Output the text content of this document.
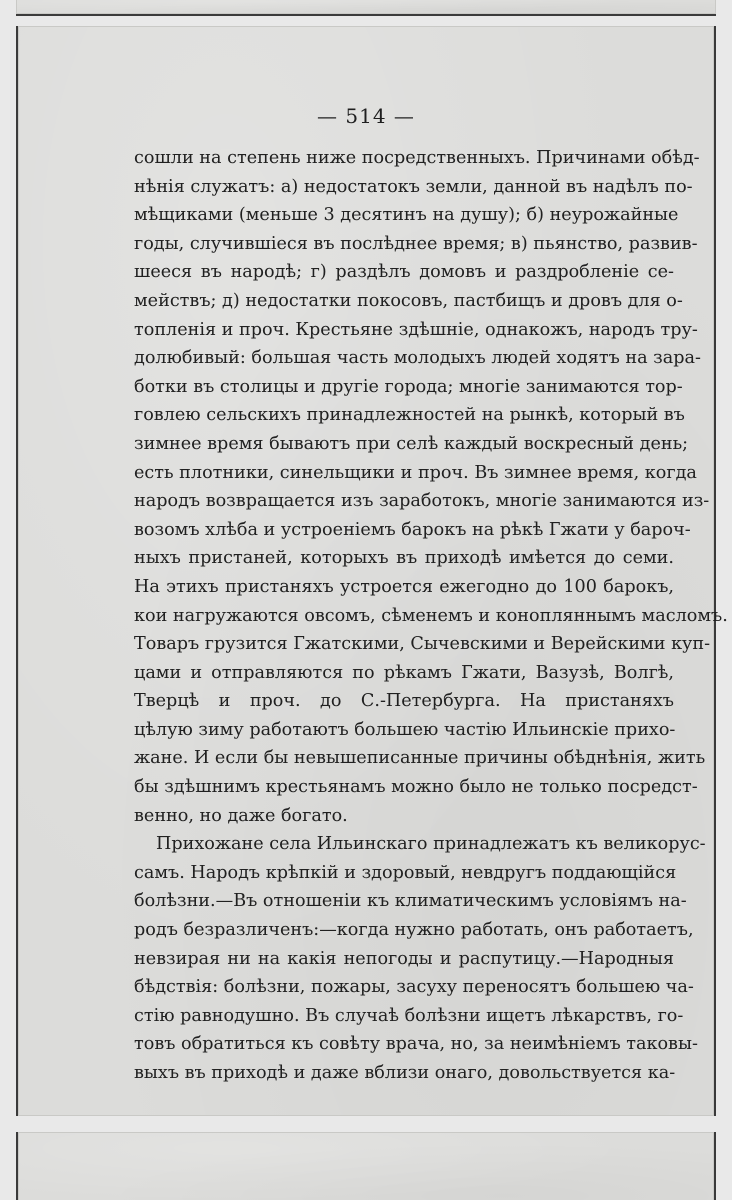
— 514 —
сошли на степень ниже посредственныхъ. Причинами обѣд-
нѣнія служатъ: а) недостатокъ земли, данной въ надѣлъ по-
мѣщиками (меньше 3 десятинъ на душу); б) неурожайные
годы, случившіеся въ послѣднее время; в) пьянство, развив-
шееся въ народѣ; г) раздѣлъ домовъ и раздробленіе се-
мействъ; д) недостатки покосовъ, пастбищъ и дровъ для о-
топленія и проч. Крестьяне здѣшніе, однакожъ, народъ тру-
долюбивый: большая часть молодыхъ людей ходятъ на зара-
ботки въ столицы и другіе города; многіе занимаются тор-
говлею сельскихъ принадлежностей на рынкѣ, который въ
зимнее время бываютъ при селѣ каждый воскресный день;
есть плотники, синельщики и проч. Въ зимнее время, когда
народъ возвращается изъ заработокъ, многіе занимаются из-
возомъ хлѣба и устроеніемъ барокъ на рѣкѣ Гжати у бароч-
ныхъ пристаней, которыхъ въ приходѣ имѣется до семи.
На этихъ пристаняхъ устроется ежегодно до 100 барокъ,
кои нагружаются овсомъ, сѣменемъ и конопляннымъ масломъ.
Товаръ грузится Гжатскими, Сычевскими и Верейскими куп-
цами и отправляются по рѣкамъ Гжати, Вазузѣ, Волгѣ,
Тверцѣ и проч. до С.-Петербурга. На пристаняхъ
цѣлую зиму работаютъ большею частію Ильинскіе прихо-
жане. И если бы невышеписанные причины обѣднѣнія, жить
бы здѣшнимъ крестьянамъ можно было не только посредст-
венно, но даже богато.
Прихожане села Ильинскаго принадлежатъ къ великорус-
самъ. Народъ крѣпкій и здоровый, невдругъ поддающійся
болѣзни.—Въ отношеніи къ климатическимъ условіямъ на-
родъ безразличенъ:—когда нужно работать, онъ работаетъ,
невзирая ни на какія непогоды и распутицу.—Народныя
бѣдствія: болѣзни, пожары, засуху переносятъ большею ча-
стію равнодушно. Въ случаѣ болѣзни ищетъ лѣкарствъ, го-
товъ обратиться къ совѣту врача, но, за неимѣніемъ таковы-
выхъ въ приходѣ и даже вблизи онаго, довольствуется ка-
